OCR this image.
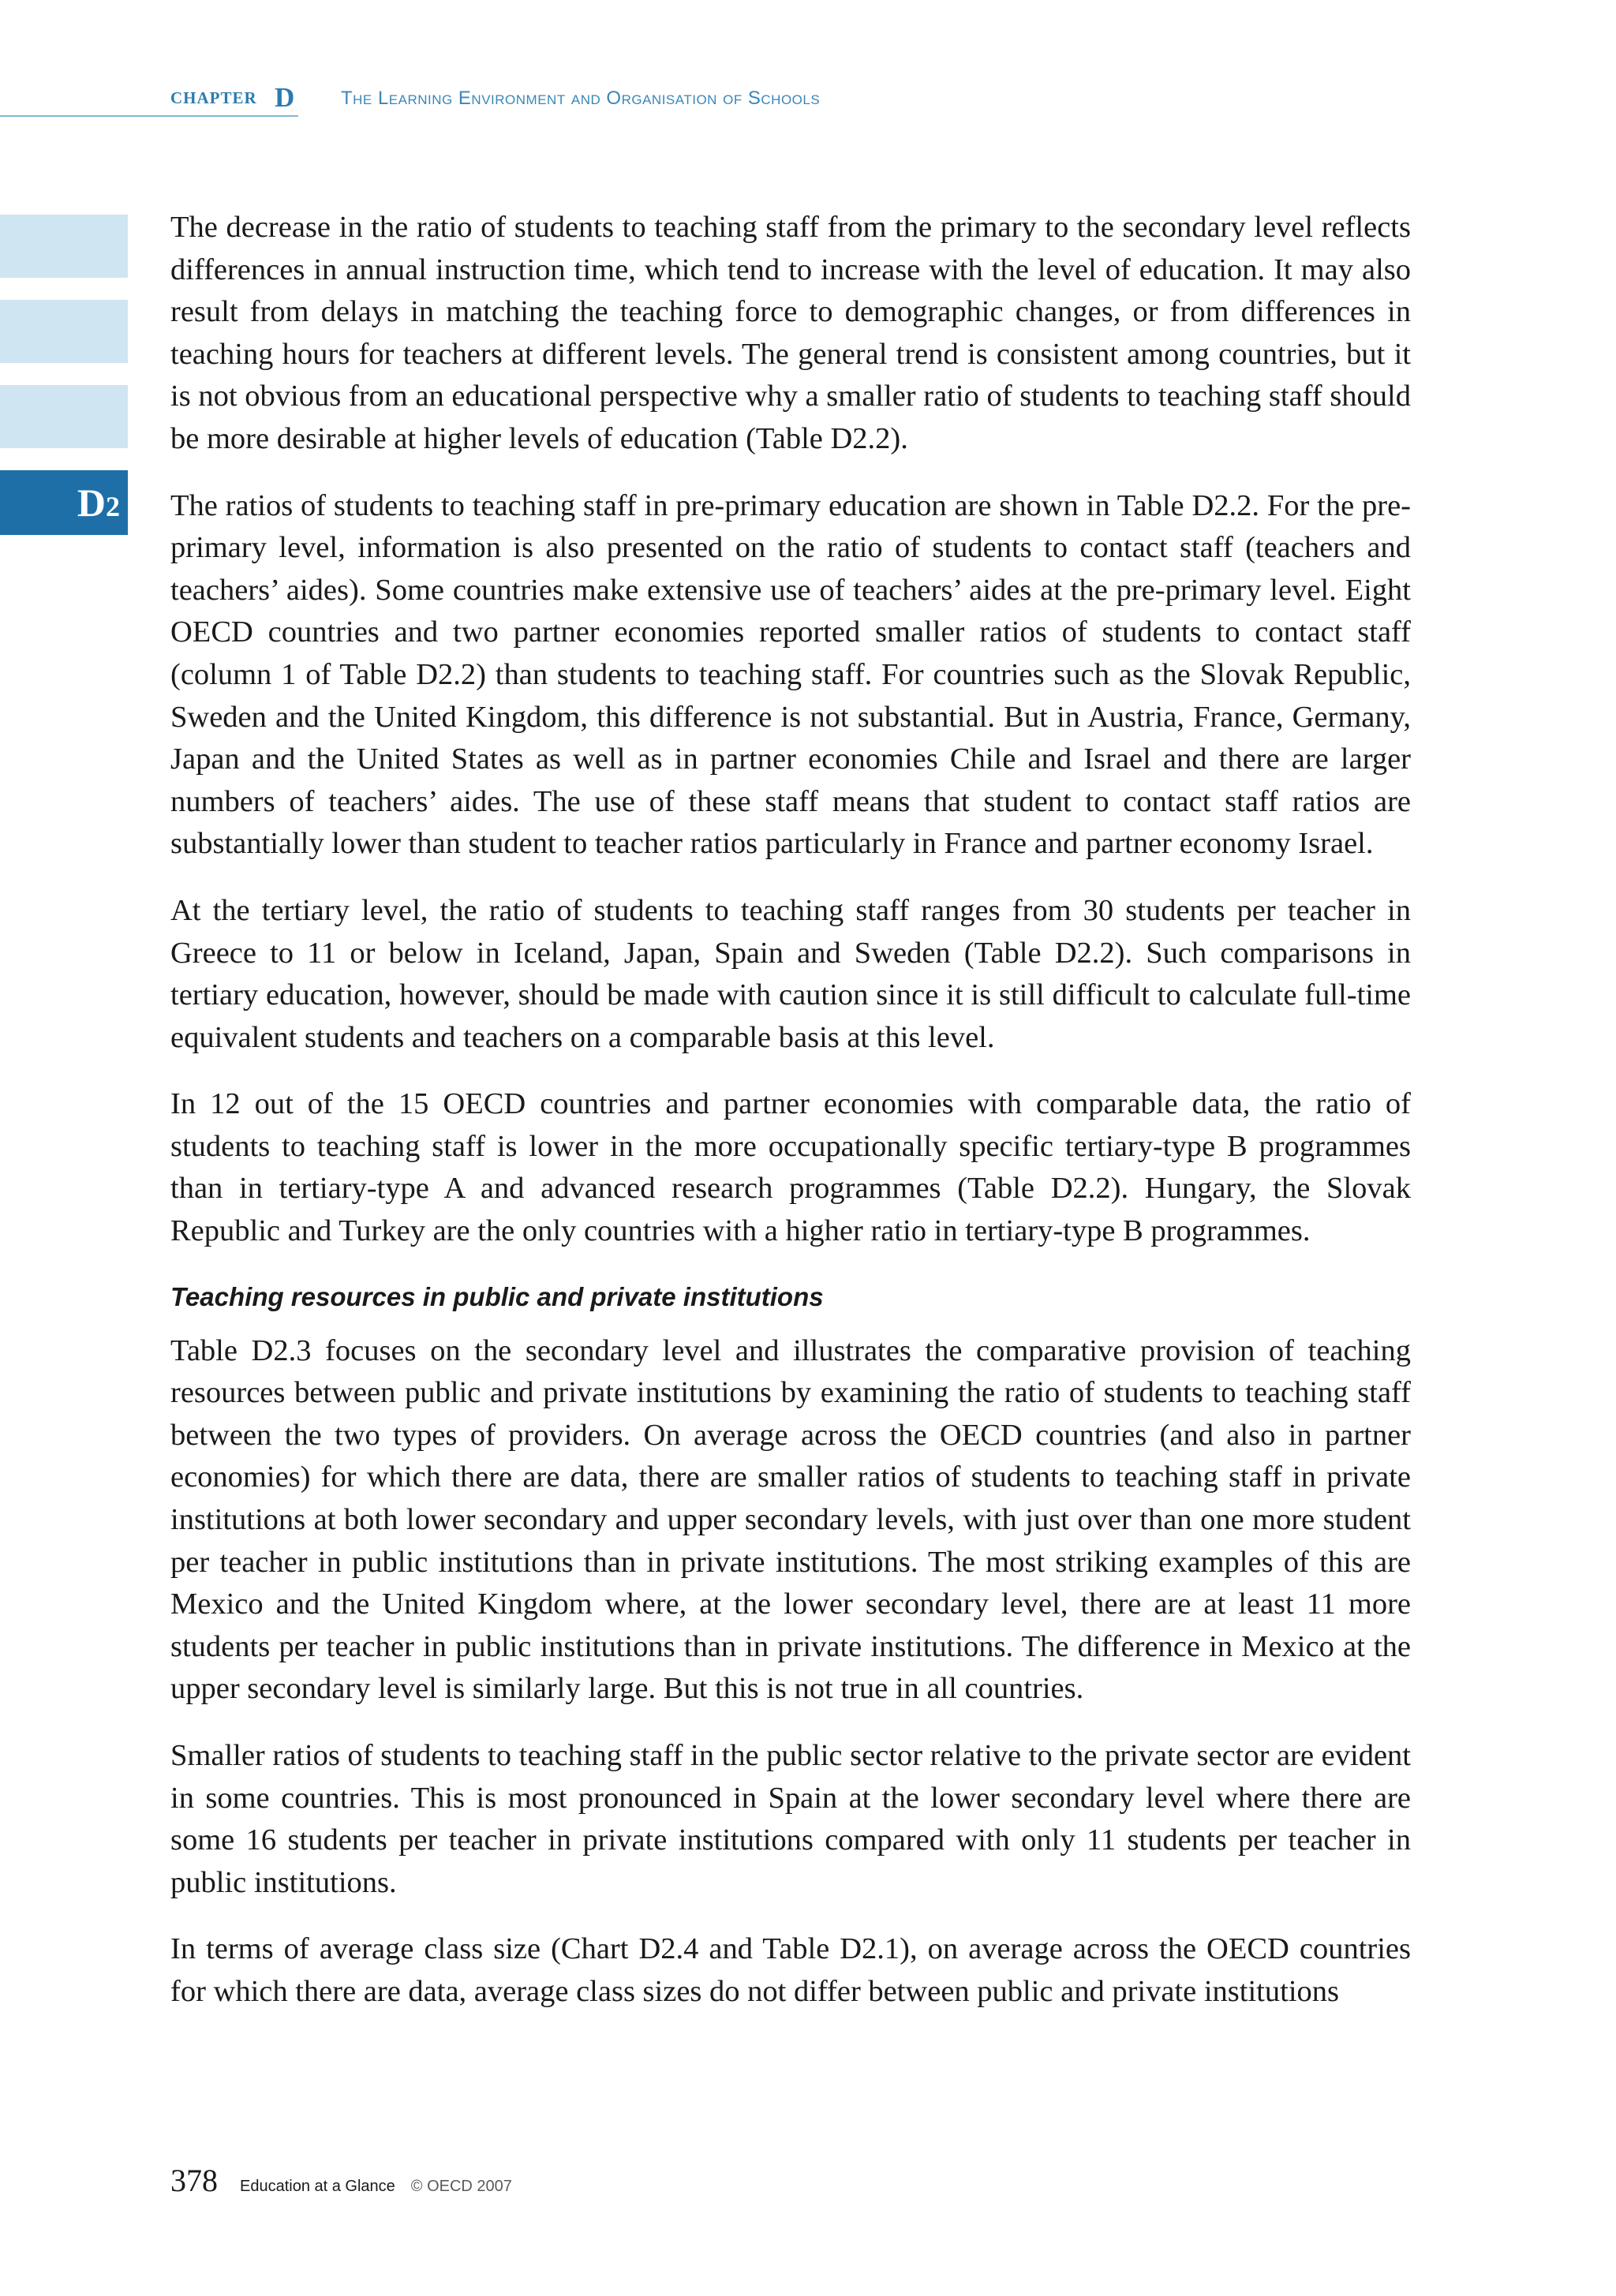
CHAPTER D The Learning Environment and Organisation of Schools
D2

The decrease in the ratio of students to teaching staff from the primary to the secondary level reflects differences in annual instruction time, which tend to increase with the level of education. It may also result from delays in matching the teaching force to demographic changes, or from differences in teaching hours for teachers at different levels. The general trend is consistent among countries, but it is not obvious from an educational perspective why a smaller ratio of students to teaching staff should be more desirable at higher levels of education (Table D2.2).

The ratios of students to teaching staff in pre-primary education are shown in Table D2.2. For the pre-primary level, information is also presented on the ratio of students to contact staff (teachers and teachers’ aides). Some countries make extensive use of teachers’ aides at the pre-primary level. Eight OECD countries and two partner economies reported smaller ratios of students to contact staff (column 1 of Table D2.2) than students to teaching staff. For countries such as the Slovak Republic, Sweden and the United Kingdom, this difference is not substantial. But in Austria, France, Germany, Japan and the United States as well as in partner economies Chile and Israel and there are larger numbers of teachers’ aides. The use of these staff means that student to contact staff ratios are substantially lower than student to teacher ratios particularly in France and partner economy Israel.

At the tertiary level, the ratio of students to teaching staff ranges from 30 students per teacher in Greece to 11 or below in Iceland, Japan, Spain and Sweden (Table D2.2). Such comparisons in tertiary education, however, should be made with caution since it is still difficult to calculate full-time equivalent students and teachers on a comparable basis at this level.

In 12 out of the 15 OECD countries and partner economies with comparable data, the ratio of students to teaching staff is lower in the more occupationally specific tertiary-type B programmes than in tertiary-type A and advanced research programmes (Table D2.2). Hungary, the Slovak Republic and Turkey are the only countries with a higher ratio in tertiary-type B programmes.

Teaching resources in public and private institutions

Table D2.3 focuses on the secondary level and illustrates the comparative provision of teaching resources between public and private institutions by examining the ratio of students to teaching staff between the two types of providers. On average across the OECD countries (and also in partner economies) for which there are data, there are smaller ratios of students to teaching staff in private institutions at both lower secondary and upper secondary levels, with just over than one more student per teacher in public institutions than in private institutions. The most striking examples of this are Mexico and the United Kingdom where, at the lower secondary level, there are at least 11 more students per teacher in public institutions than in private institutions. The difference in Mexico at the upper secondary level is similarly large. But this is not true in all countries.

Smaller ratios of students to teaching staff in the public sector relative to the private sector are evident in some countries. This is most pronounced in Spain at the lower secondary level where there are some 16 students per teacher in private institutions compared with only 11 students per teacher in public institutions.

In terms of average class size (Chart D2.4 and Table D2.1), on average across the OECD countries for which there are data, average class sizes do not differ between public and private institutions

378 Education at a Glance © OECD 2007
